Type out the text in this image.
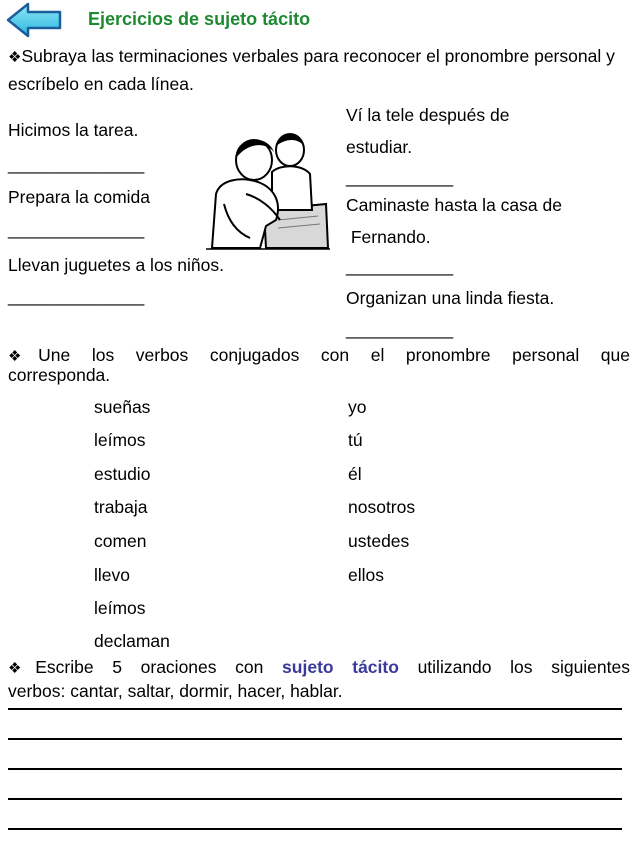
Ejercicios de sujeto tácito
❖Subraya las terminaciones verbales para reconocer el pronombre personal y escríbelo en cada línea.
Hicimos la tarea.
______________
Prepara la comida
______________
Llevan juguetes a los niños.
______________
Ví la tele después de
estudiar.
___________
Caminaste hasta la casa de
Fernando.
___________
Organizan una linda fiesta.
___________
❖Une los verbos conjugados con el pronombre personal que
corresponda.
sueñas
leímos
estudio
trabaja
comen
llevo
leímos
declaman
yo
tú
él
nosotros
ustedes
ellos
❖Escribe 5 oraciones con sujeto tácito utilizando los siguientes
verbos: cantar, saltar, dormir, hacer, hablar.
